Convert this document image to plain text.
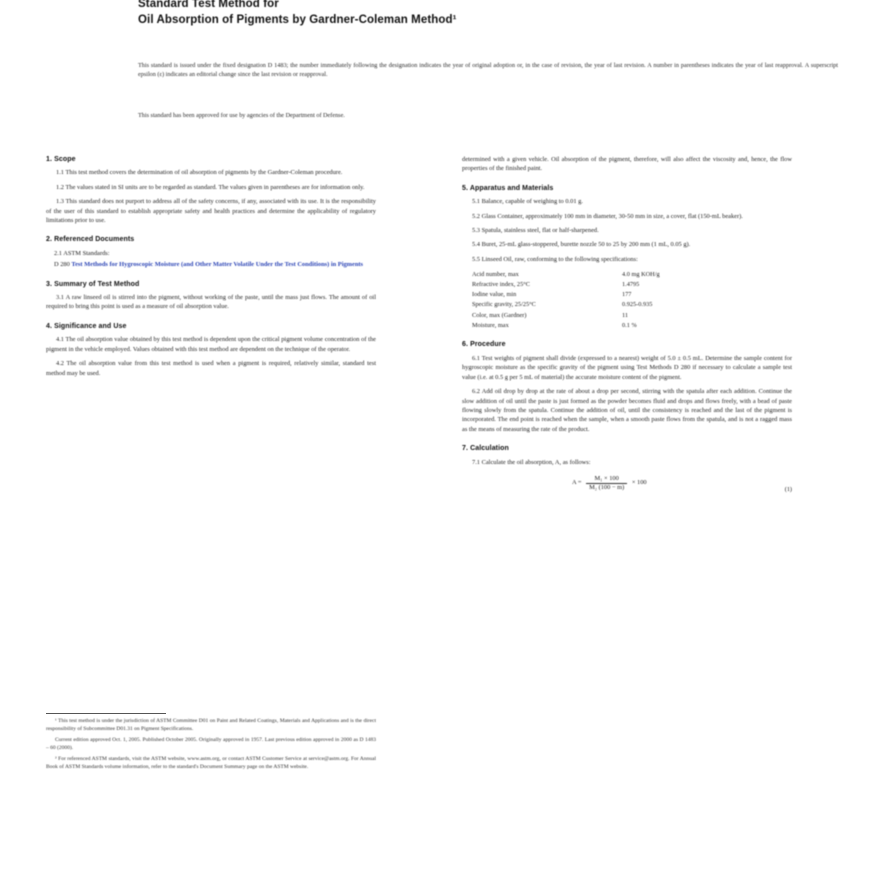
Standard Test Method for
Oil Absorption of Pigments by Gardner-Coleman Method¹

This standard is issued under the fixed designation D 1483; the number immediately following the designation indicates the year of original adoption or, in the case of revision, the year of last revision. A number in parentheses indicates the year of last reapproval. A superscript epsilon (ε) indicates an editorial change since the last revision or reapproval.

This standard has been approved for use by agencies of the Department of Defense.
1. Scope

1.1 This test method covers the determination of oil absorption of pigments by the Gardner-Coleman procedure.

1.2 The values stated in SI units are to be regarded as standard. The values given in parentheses are for information only.

1.3 This standard does not purport to address all of the safety concerns, if any, associated with its use. It is the responsibility of the user of this standard to establish appropriate safety and health practices and determine the applicability of regulatory limitations prior to use.

2. Referenced Documents
2.1 ASTM Standards:
D 280 Test Methods for Hygroscopic Moisture (and Other Matter Volatile Under the Test Conditions) in Pigments
3. Summary of Test Method

3.1 A raw linseed oil is stirred into the pigment, without working of the paste, until the mass just flows. The amount of oil required to bring this point is used as a measure of oil absorption value.

4. Significance and Use

4.1 The oil absorption value obtained by this test method is dependent upon the critical pigment volume concentration of the pigment in the vehicle employed. Values obtained with this test method are dependent on the technique of the operator.

4.2 The oil absorption value from this test method is used when a pigment is required, relatively similar, standard test method may be used.

determined with a given vehicle. Oil absorption of the pigment, therefore, will also affect the viscosity and, hence, the flow properties of the finished paint.

5. Apparatus and Materials

5.1 Balance, capable of weighing to 0.01 g.

5.2 Glass Container, approximately 100 mm in diameter, 30-50 mm in size, a cover, flat (150-mL beaker).

5.3 Spatula, stainless steel, flat or half-sharpened.

5.4 Buret, 25-mL glass-stoppered, burette nozzle 50 to 25 by 200 mm (1 mL, 0.05 g).

5.5 Linseed Oil, raw, conforming to the following specifications:

Acid number, max	4.0 mg KOH/g
Refractive index, 25°C	1.4795
Iodine value, min	177
Specific gravity, 25/25°C	0.925-0.935
Color, max (Gardner)	11
Moisture, max	0.1 %
6. Procedure

6.1 Test weights of pigment shall divide (expressed to a nearest) weight of 5.0 ± 0.5 mL. Determine the sample content for hygroscopic moisture as the specific gravity of the pigment using Test Methods D 280 if necessary to calculate a sample test value (i.e. at 0.5 g per 5 mL of material) the accurate moisture content of the pigment.

6.2 Add oil drop by drop at the rate of about a drop per second, stirring with the spatula after each addition. Continue the slow addition of oil until the paste is just formed as the powder becomes fluid and drops and flows freely, with a bead of paste flowing slowly from the spatula. Continue the addition of oil, until the consistency is reached and the last of the pigment is incorporated. The end point is reached when the sample, when a smooth paste flows from the spatula, and is not a ragged mass as the means of measuring the rate of the product.

7. Calculation

7.1 Calculate the oil absorption, A, as follows:

$A = \frac{\text{M₁ × 100}}{\text{M₂ (100 − m)}} \times 100$
(1)

¹ This test method is under the jurisdiction of ASTM Committee D01 on Paint and Related Coatings, Materials and Applications and is the direct responsibility of Subcommittee D01.31 on Pigment Specifications.

Current edition approved Oct. 1, 2005. Published October 2005. Originally approved in 1957. Last previous edition approved in 2000 as D 1483 – 60 (2000).

² For referenced ASTM standards, visit the ASTM website, www.astm.org, or contact ASTM Customer Service at service@astm.org. For Annual Book of ASTM Standards volume information, refer to the standard's Document Summary page on the ASTM website.
